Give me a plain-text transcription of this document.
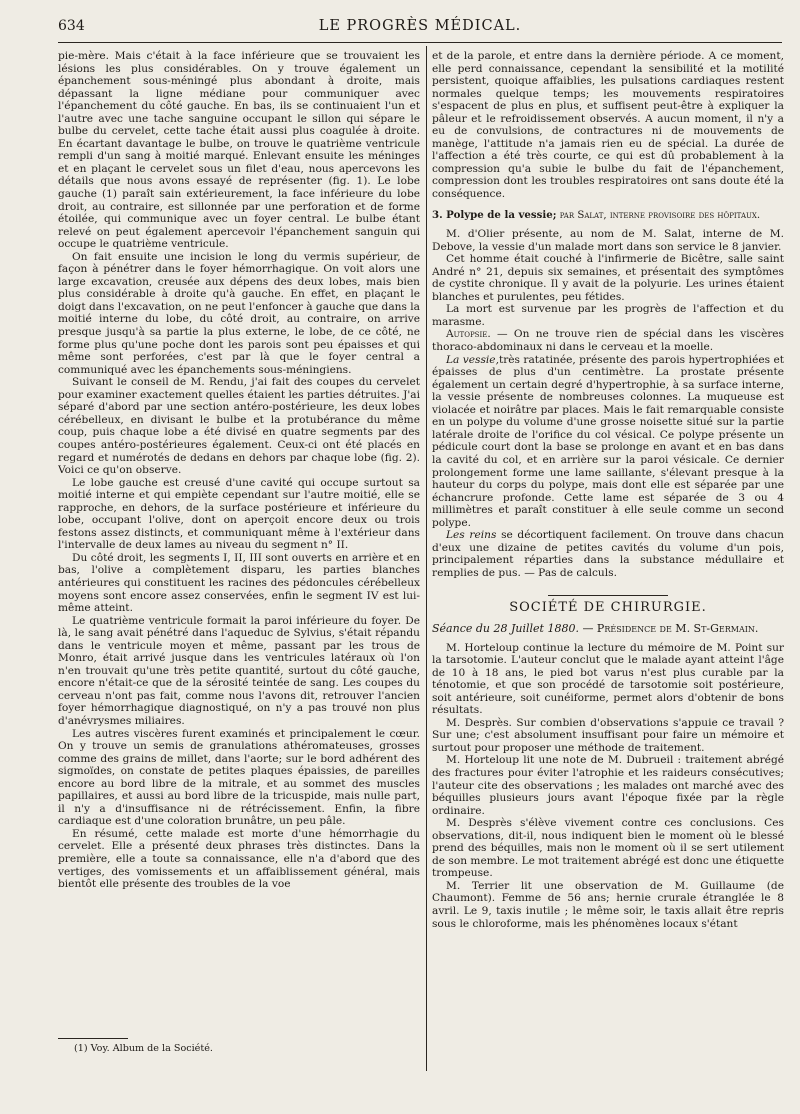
634	LE PROGRÈS MÉDICAL.

pie-mère. Mais c'était à la face inférieure que se trouvaient les lésions les plus considérables. On y trouve également un épanchement sous-méningé plus abondant à droite, mais dépassant la ligne médiane pour communiquer avec l'épanchement du côté gauche. En bas, ils se continuaient l'un et l'autre avec une tache sanguine occupant le sillon qui sépare le bulbe du cervelet, cette tache était aussi plus coagulée à droite. En écartant davantage le bulbe, on trouve le quatrième ventricule rempli d'un sang à moitié marqué. Enlevant ensuite les méninges et en plaçant le cervelet sous un filet d'eau, nous apercevons les détails que nous avons essayé de représenter (fig. 1). Le lobe gauche (1) paraît sain extérieurement, la face inférieure du lobe droit, au contraire, est sillonnée par une perforation et de forme étoilée, qui communique avec un foyer central. Le bulbe étant relevé on peut également apercevoir l'épanchement sanguin qui occupe le quatrième ventricule.

On fait ensuite une incision le long du vermis supérieur, de façon à pénétrer dans le foyer hémorrhagique. On voit alors une large excavation, creusée aux dépens des deux lobes, mais bien plus considérable à droite qu'à gauche. En effet, en plaçant le doigt dans l'excavation, on ne peut l'enfoncer à gauche que dans la moitié interne du lobe, du côté droit, au contraire, on arrive presque jusqu'à sa partie la plus externe, le lobe, de ce côté, ne forme plus qu'une poche dont les parois sont peu épaisses et qui même sont perforées, c'est par là que le foyer central a communiqué avec les épanchements sous-méningiens.

Suivant le conseil de M. Rendu, j'ai fait des coupes du cervelet pour examiner exactement quelles étaient les parties détruites. J'ai séparé d'abord par une section antéro-postérieure, les deux lobes cérébelleux, en divisant le bulbe et la protubérance du même coup, puis chaque lobe a été divisé en quatre segments par des coupes antéro-postérieures également. Ceux-ci ont été placés en regard et numérotés de dedans en dehors par chaque lobe (fig. 2). Voici ce qu'on observe.

Le lobe gauche est creusé d'une cavité qui occupe surtout sa moitié interne et qui empiète cependant sur l'autre moitié, elle se rapproche, en dehors, de la surface postérieure et inférieure du lobe, occupant l'olive, dont on aperçoit encore deux ou trois festons assez distincts, et communiquant même à l'extérieur dans l'intervalle de deux lames au niveau du segment n° II.

Du côté droit, les segments I, II, III sont ouverts en arrière et en bas, l'olive a complètement disparu, les parties blanches antérieures qui constituent les racines des pédoncules cérébelleux moyens sont encore assez conservées, enfin le segment IV est lui-même atteint.

Le quatrième ventricule formait la paroi inférieure du foyer. De là, le sang avait pénétré dans l'aqueduc de Sylvius, s'était répandu dans le ventricule moyen et même, passant par les trous de Monro, était arrivé jusque dans les ventricules latéraux où l'on n'en trouvait qu'une très petite quantité, surtout du côté gauche, encore n'était-ce que de la sérosité teintée de sang. Les coupes du cerveau n'ont pas fait, comme nous l'avons dit, retrouver l'ancien foyer hémorrhagique diagnostiqué, on n'y a pas trouvé non plus d'anévrysmes miliaires.

Les autres viscères furent examinés et principalement le cœur. On y trouve un semis de granulations athéromateuses, grosses comme des grains de millet, dans l'aorte; sur le bord adhérent des sigmoïdes, on constate de petites plaques épaissies, de pareilles encore au bord libre de la mitrale, et au sommet des muscles papillaires, et aussi au bord libre de la tricuspide, mais nulle part, il n'y a d'insuffisance ni de rétrécissement. Enfin, la fibre cardiaque est d'une coloration brunâtre, un peu pâle.

En résumé, cette malade est morte d'une hémorrhagie du cervelet. Elle a présenté deux phrases très distinctes. Dans la première, elle a toute sa connaissance, elle n'a d'abord que des vertiges, des vomissements et un affaiblissement général, mais bientôt elle présente des troubles de la voe

(1) Voy. Album de la Société.

et de la parole, et entre dans la dernière période. A ce moment, elle perd connaissance, cependant la sensibilité et la motilité persistent, quoique affaiblies, les pulsations cardiaques restent normales quelque temps; les mouvements respiratoires s'espacent de plus en plus, et suffisent peut-être à expliquer la pâleur et le refroidissement observés. A aucun moment, il n'y a eu de convulsions, de contractures ni de mouvements de manège, l'attitude n'a jamais rien eu de spécial. La durée de l'affection a été très courte, ce qui est dû probablement à la compression qu'a subie le bulbe du fait de l'épanchement, compression dont les troubles respiratoires ont sans doute été la conséquence.

3. Polype de la vessie; par Salat, interne provisoire des hôpitaux.

M. d'Olier présente, au nom de M. Salat, interne de M. Debove, la vessie d'un malade mort dans son service le 8 janvier.

Cet homme était couché à l'infirmerie de Bicêtre, salle saint André n° 21, depuis six semaines, et présentait des symptômes de cystite chronique. Il y avait de la polyurie. Les urines étaient blanches et purulentes, peu fétides.

La mort est survenue par les progrès de l'affection et du marasme.

Autopsie. — On ne trouve rien de spécial dans les viscères thoraco-abdominaux ni dans le cerveau et la moelle.

La vessie,très ratatinée, présente des parois hypertrophiées et épaisses de plus d'un centimètre. La prostate présente également un certain degré d'hypertrophie, à sa surface interne, la vessie présente de nombreuses colonnes. La muqueuse est violacée et noirâtre par places. Mais le fait remarquable consiste en un polype du volume d'une grosse noisette situé sur la partie latérale droite de l'orifice du col vésical. Ce polype présente un pédicule court dont la base se prolonge en avant et en bas dans la cavité du col, et en arrière sur la paroi vésicale. Ce dernier prolongement forme une lame saillante, s'élevant presque à la hauteur du corps du polype, mais dont elle est séparée par une échancrure profonde. Cette lame est séparée de 3 ou 4 millimètres et paraît constituer à elle seule comme un second polype.

Les reins se décortiquent facilement. On trouve dans chacun d'eux une dizaine de petites cavités du volume d'un pois, principalement réparties dans la substance médullaire et remplies de pus. — Pas de calculs.

SOCIÉTÉ DE CHIRURGIE.

Séance du 28 Juillet 1880. — Présidence de M. St-Germain.

M. Horteloup continue la lecture du mémoire de M. Point sur la tarsotomie. L'auteur conclut que le malade ayant atteint l'âge de 10 à 18 ans, le pied bot varus n'est plus curable par la ténotomie, et que son procédé de tarsotomie soit postérieure, soit antérieure, soit cunéiforme, permet alors d'obtenir de bons résultats.

M. Desprès. Sur combien d'observations s'appuie ce travail ? Sur une; c'est absolument insuffisant pour faire un mémoire et surtout pour proposer une méthode de traitement.

M. Horteloup lit une note de M. Dubrueil : traitement abrégé des fractures pour éviter l'atrophie et les raideurs consécutives; l'auteur cite des observations ; les malades ont marché avec des béquilles plusieurs jours avant l'époque fixée par la règle ordinaire.

M. Desprès s'élève vivement contre ces conclusions. Ces observations, dit-il, nous indiquent bien le moment où le blessé prend des béquilles, mais non le moment où il se sert utilement de son membre. Le mot traitement abrégé est donc une étiquette trompeuse.

M. Terrier lit une observation de M. Guillaume (de Chaumont). Femme de 56 ans; hernie crurale étranglée le 8 avril. Le 9, taxis inutile ; le même soir, le taxis allait être repris sous le chloroforme, mais les phénomènes locaux s'étant
